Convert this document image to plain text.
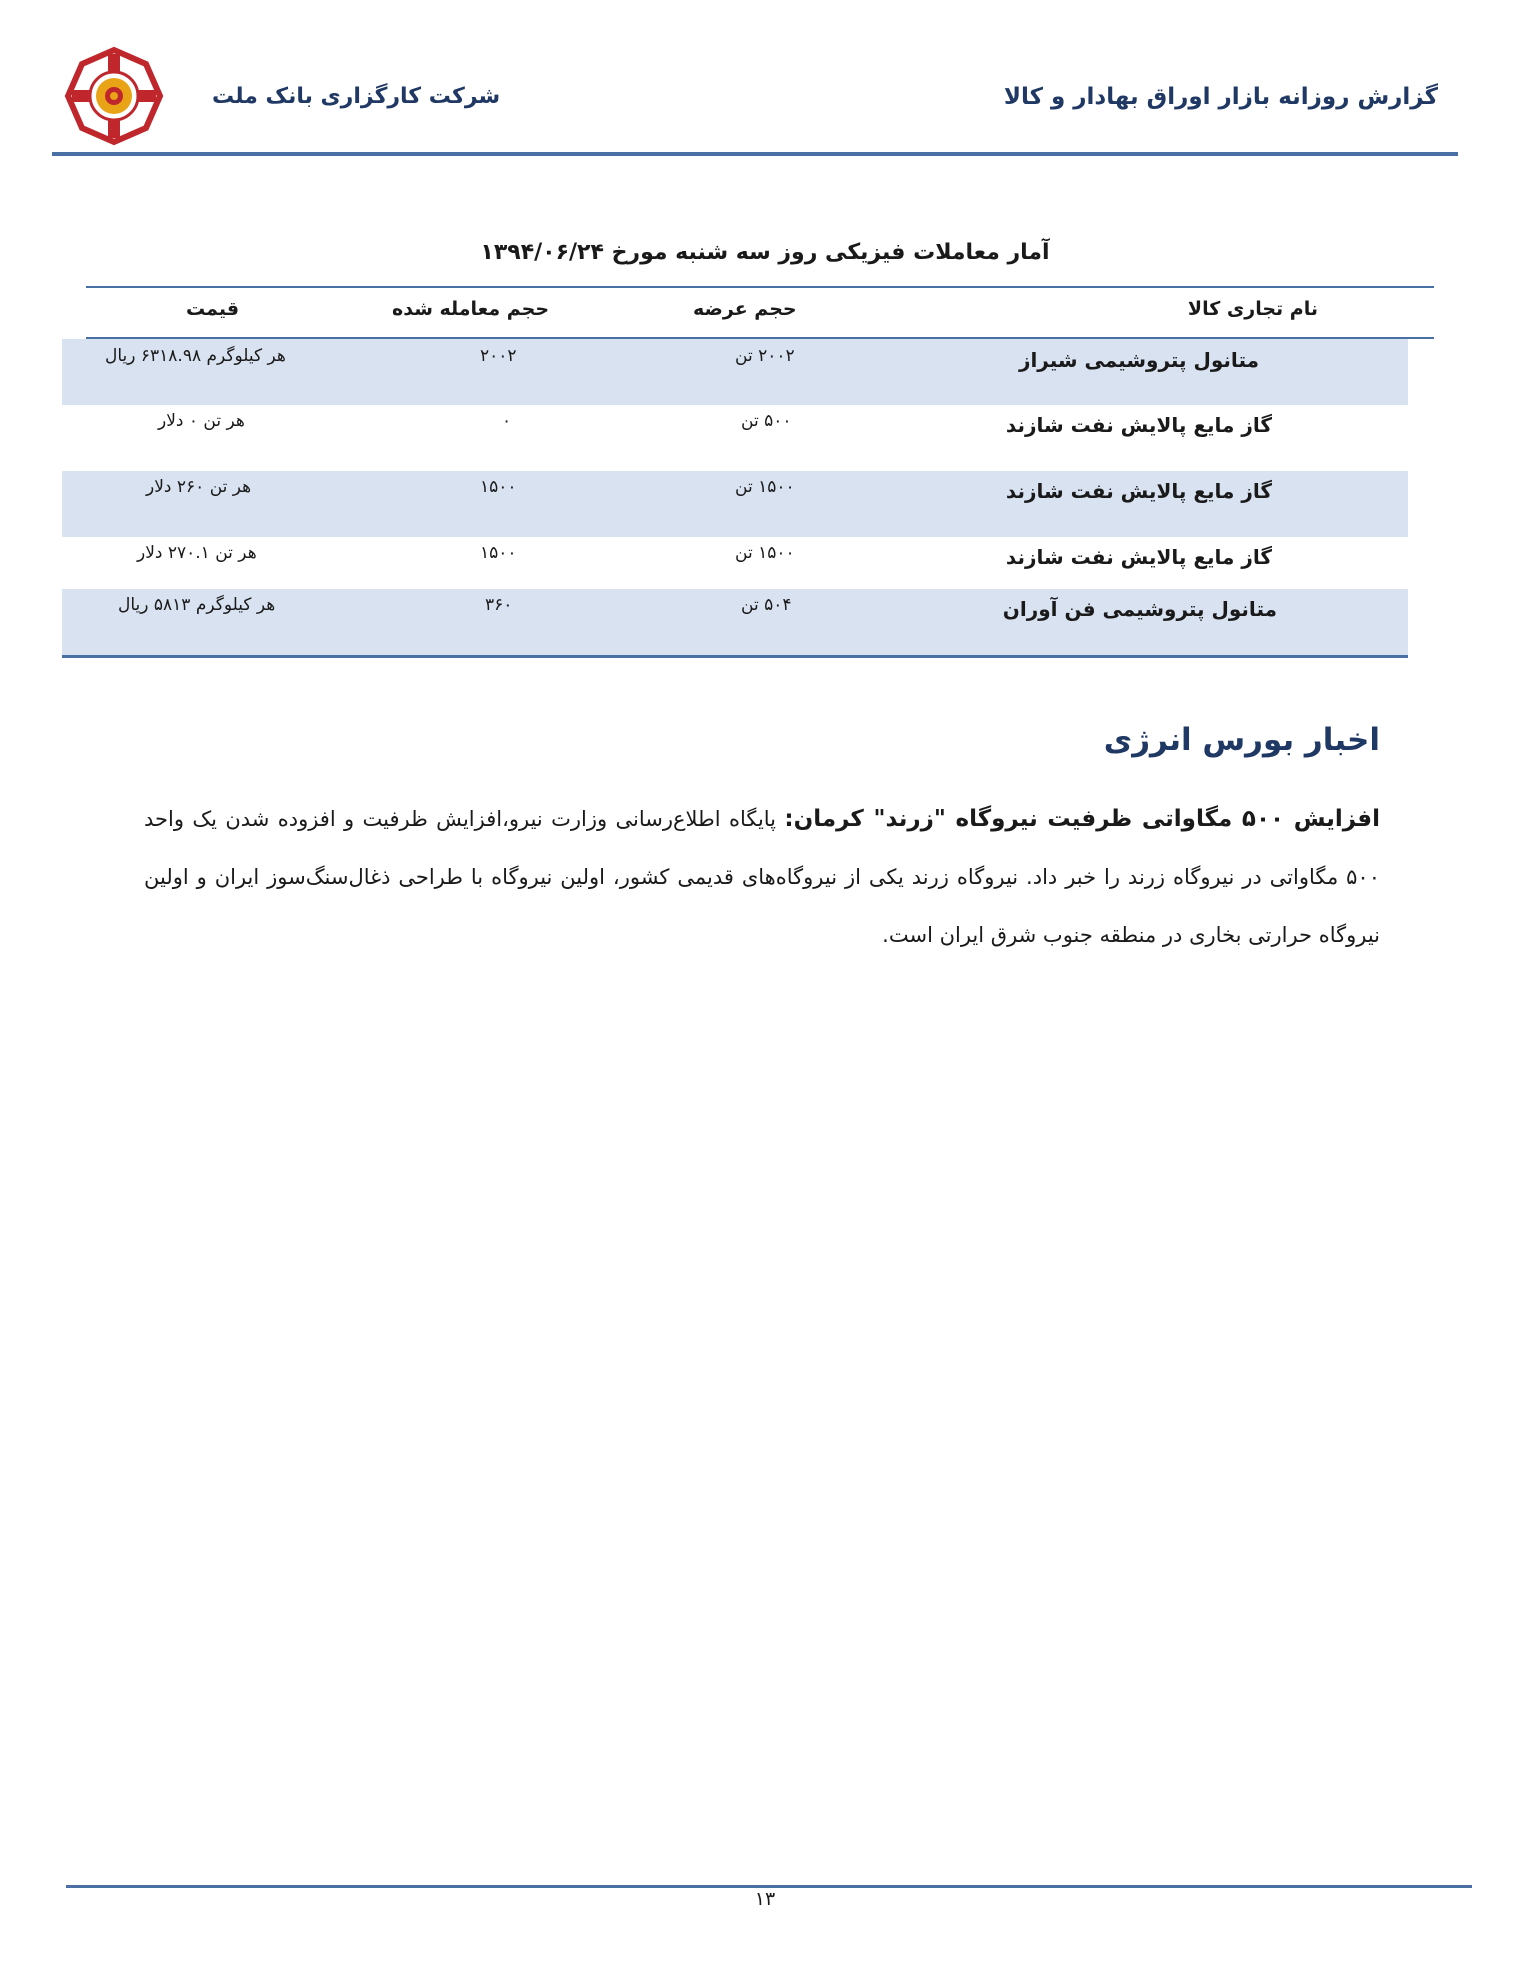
گزارش روزانه بازار اوراق بهادار و کالا
شرکت کارگزاری بانک ملت
آمار معاملات فیزیکی روز سه شنبه مورخ ۱۳۹۴/۰۶/۲۴
نام تجاری کالا
حجم عرضه
حجم معامله شده
قیمت
متانول پتروشیمی شیراز
۲۰۰۲ تن
۲۰۰۲
هر کیلوگرم ۶۳۱۸.۹۸ ریال
گاز مایع پالایش نفت شازند
۵۰۰ تن
۰
هر تن ۰ دلار
گاز مایع پالایش نفت شازند
۱۵۰۰ تن
۱۵۰۰
هر تن ۲۶۰ دلار
گاز مایع پالایش نفت شازند
۱۵۰۰ تن
۱۵۰۰
هر تن ۲۷۰.۱ دلار
متانول پتروشیمی فن آوران
۵۰۴ تن
۳۶۰
هر کیلوگرم ۵۸۱۳ ریال
اخبار بورس انرژی
افزایش ۵۰۰ مگاواتی ظرفیت نیروگاه "زرند" کرمان: پایگاه اطلاع‌رسانی وزارت نیرو،افزایش ظرفیت و افزوده شدن یک واحد ۵۰۰ مگاواتی در نیروگاه زرند را خبر داد. نیروگاه زرند یکی از نیروگاه‌های قدیمی کشور، اولین نیروگاه با طراحی ذغال‌سنگ‌سوز ایران و اولین نیروگاه حرارتی بخاری در منطقه جنوب شرق ایران است.
۱۳
